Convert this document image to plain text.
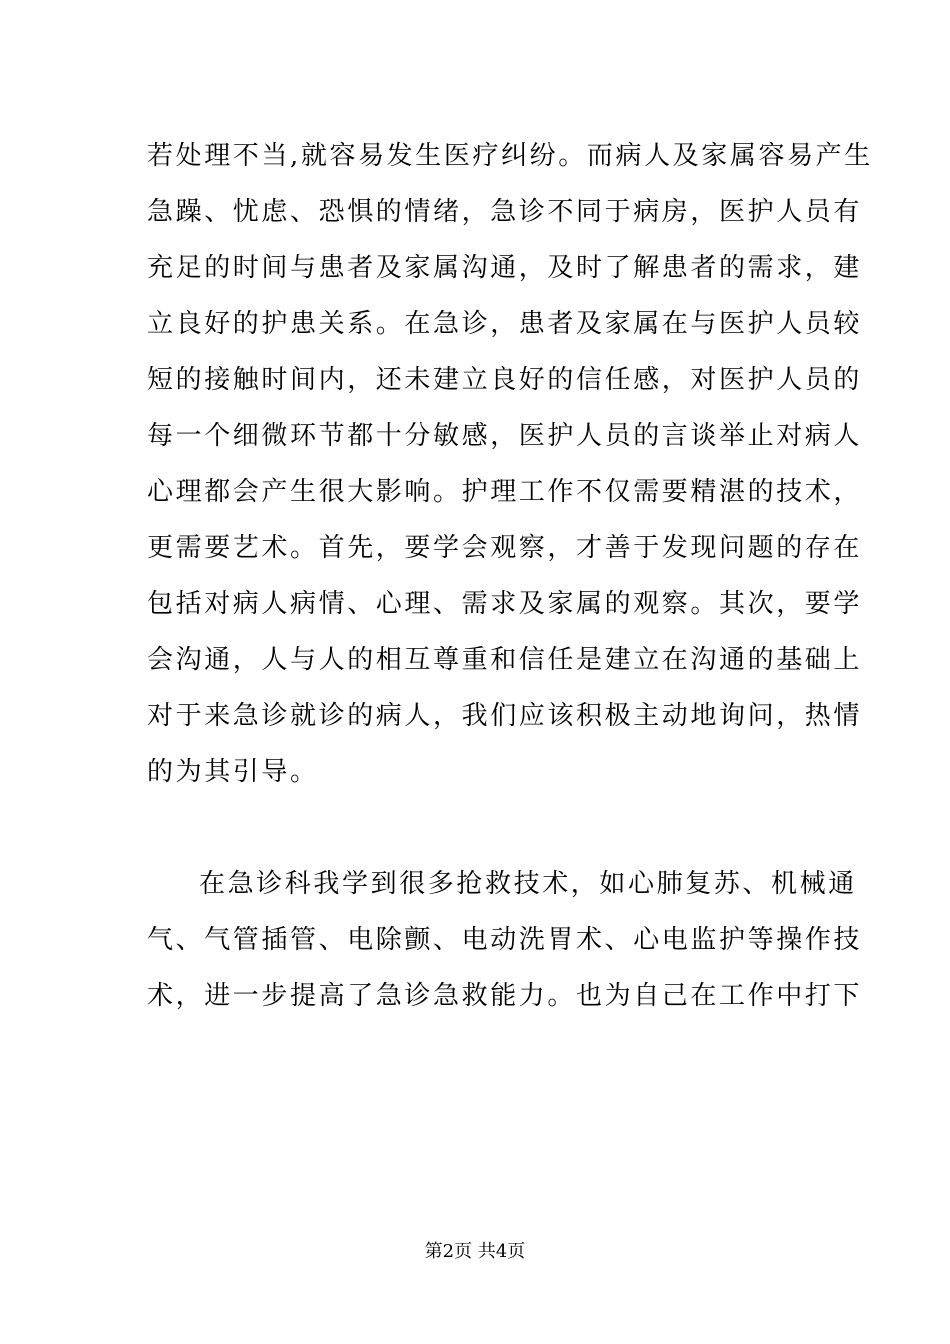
若处理不当,就容易发生医疗纠纷。而病人及家属容易产生
急躁、忧虑、恐惧的情绪，急诊不同于病房，医护人员有
充足的时间与患者及家属沟通，及时了解患者的需求，建
立良好的护患关系。在急诊，患者及家属在与医护人员较
短的接触时间内，还未建立良好的信任感，对医护人员的
每一个细微环节都十分敏感，医护人员的言谈举止对病人
心理都会产生很大影响。护理工作不仅需要精湛的技术，
更需要艺术。首先，要学会观察，才善于发现问题的存在
包括对病人病情、心理、需求及家属的观察。其次，要学
会沟通，人与人的相互尊重和信任是建立在沟通的基础上
对于来急诊就诊的病人，我们应该积极主动地询问，热情
的为其引导。
在急诊科我学到很多抢救技术，如心肺复苏、机械通
气、气管插管、电除颤、电动洗胃术、心电监护等操作技
术，进一步提高了急诊急救能力。也为自己在工作中打下
第2页 共4页
